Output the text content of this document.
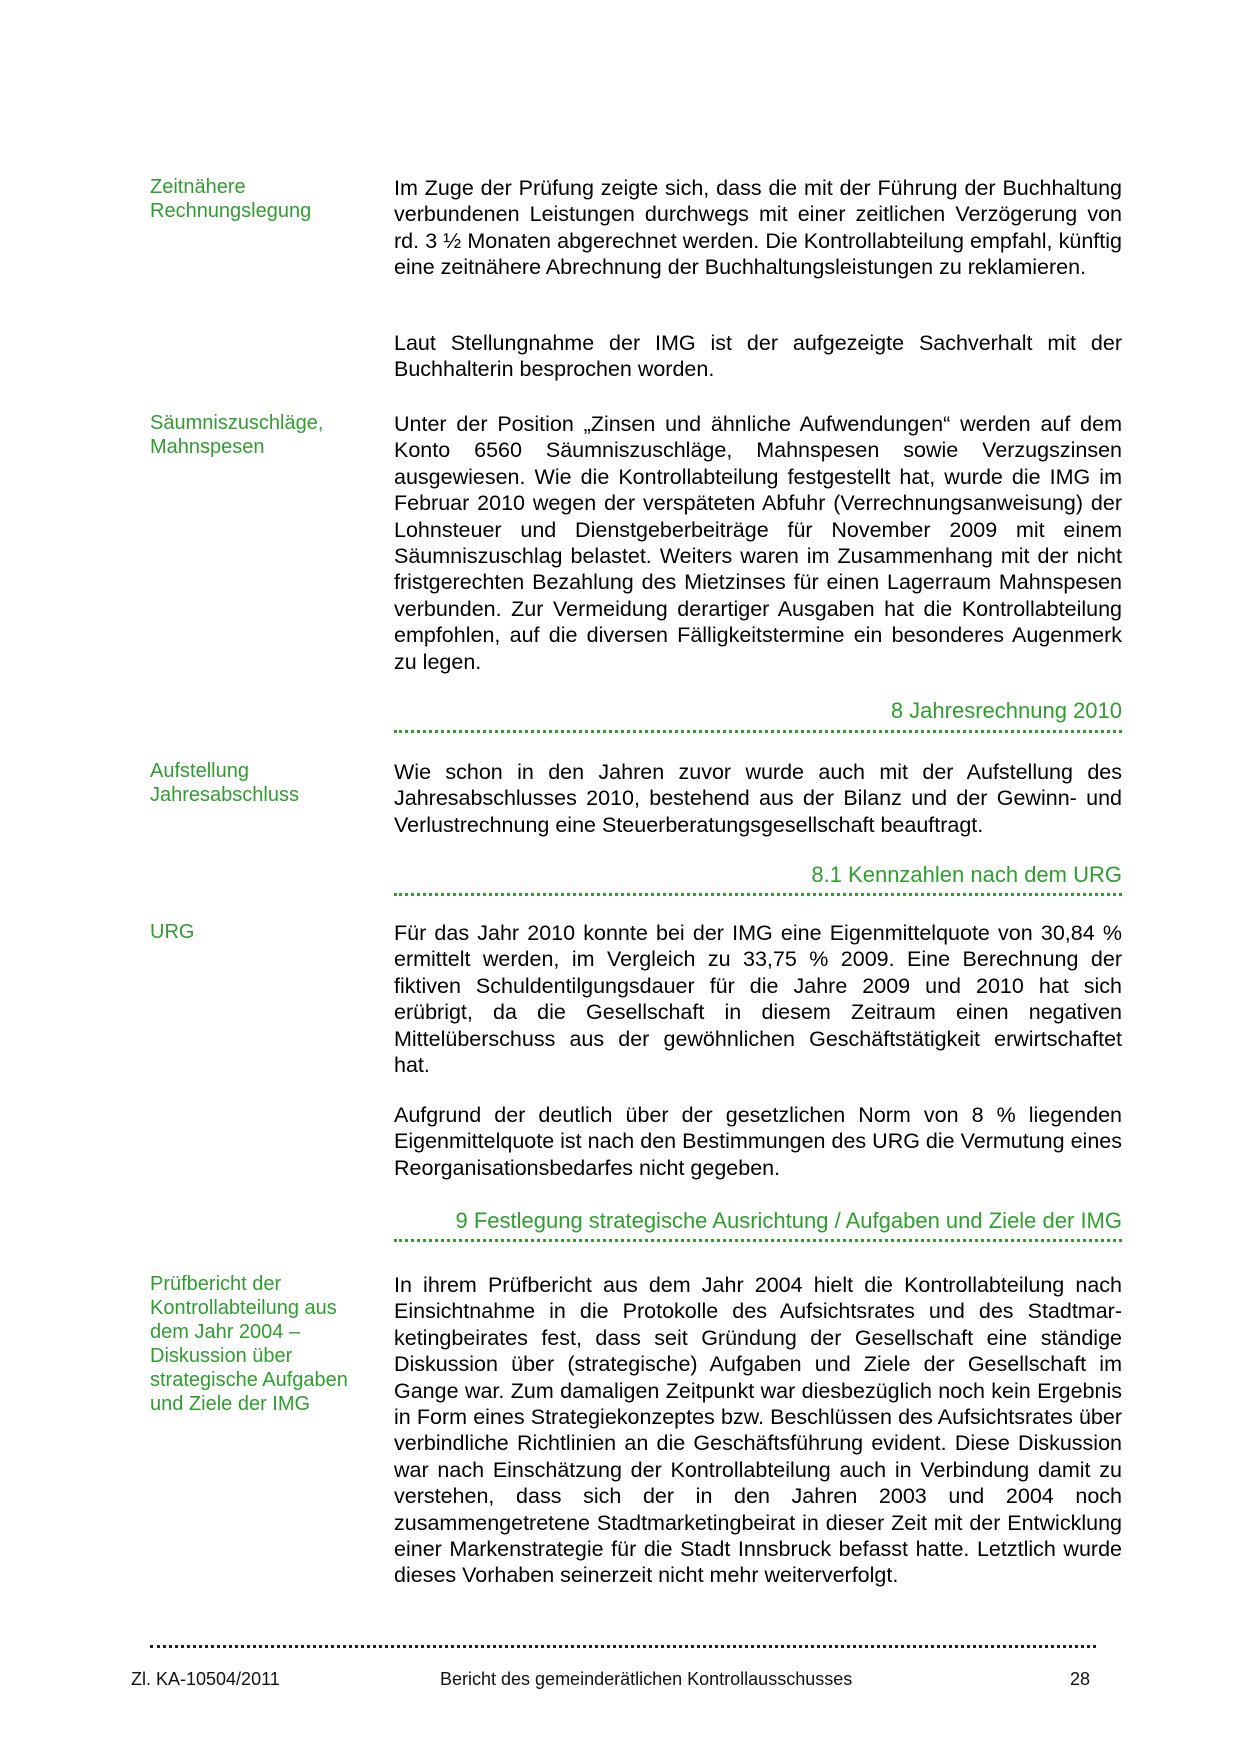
Zeitnähere Rechnungslegung
Im Zuge der Prüfung zeigte sich, dass die mit der Führung der Buchhaltung verbundenen Leistungen durchwegs mit einer zeitlichen Verzögerung von rd. 3 ½ Monaten abgerechnet werden. Die Kontrollabteilung empfahl, künftig eine zeitnähere Abrechnung der Buchhaltungsleistungen zu reklamieren.
Laut Stellungnahme der IMG ist der aufgezeigte Sachverhalt mit der Buchhalterin besprochen worden.
Säumniszuschläge, Mahnspesen
Unter der Position „Zinsen und ähnliche Aufwendungen“ werden auf dem Konto 6560 Säumniszuschläge, Mahnspesen sowie Verzugszinsen ausgewiesen. Wie die Kontrollabteilung festgestellt hat, wurde die IMG im Februar 2010 wegen der verspäteten Abfuhr (Verrechnungsanweisung) der Lohnsteuer und Dienstgeberbeiträge für November 2009 mit einem Säumniszuschlag belastet. Weiters waren im Zusammenhang mit der nicht fristgerechten Bezahlung des Mietzinses für einen Lagerraum Mahnspesen verbunden. Zur Vermeidung derartiger Ausgaben hat die Kontrollabteilung empfohlen, auf die diversen Fälligkeitstermine ein besonderes Augenmerk zu legen.
8 Jahresrechnung 2010
Aufstellung Jahresabschluss
Wie schon in den Jahren zuvor wurde auch mit der Aufstellung des Jahresabschlusses 2010, bestehend aus der Bilanz und der Gewinn- und Verlustrechnung eine Steuerberatungsgesellschaft beauftragt.
8.1 Kennzahlen nach dem URG
URG	Für das Jahr 2010 konnte bei der IMG eine Eigenmittelquote von 30,84 % ermittelt werden, im Vergleich zu 33,75 % 2009. Eine Berechnung der fiktiven Schuldentilgungsdauer für die Jahre 2009 und 2010 hat sich erübrigt, da die Gesellschaft in diesem Zeitraum einen negativen Mittelüberschuss aus der gewöhnlichen Geschäftstätigkeit erwirtschaftet hat.
Aufgrund der deutlich über der gesetzlichen Norm von 8 % liegenden Eigenmittelquote ist nach den Bestimmungen des URG die Vermutung eines Reorganisationsbedarfes nicht gegeben.
9 Festlegung strategische Ausrichtung / Aufgaben und Ziele der IMG
Prüfbericht der Kontrollabteilung aus dem Jahr 2004 – Diskussion über strategische Aufgaben und Ziele der IMG
In ihrem Prüfbericht aus dem Jahr 2004 hielt die Kontrollabteilung nach Einsichtnahme in die Protokolle des Aufsichtsrates und des Stadtmarketingbeirates fest, dass seit Gründung der Gesellschaft eine ständige Diskussion über (strategische) Aufgaben und Ziele der Gesellschaft im Gange war. Zum damaligen Zeitpunkt war diesbezüglich noch kein Ergebnis in Form eines Strategiekonzeptes bzw. Beschlüssen des Aufsichtsrates über verbindliche Richtlinien an die Geschäftsführung evident. Diese Diskussion war nach Einschätzung der Kontrollabteilung auch in Verbindung damit zu verstehen, dass sich der in den Jahren 2003 und 2004 noch zusammengetretene Stadtmarketingbeirat in dieser Zeit mit der Entwicklung einer Markenstrategie für die Stadt Innsbruck befasst hatte. Letztlich wurde dieses Vorhaben seinerzeit nicht mehr weiterverfolgt.
Zl. KA-10504/2011	Bericht des gemeinderätlichen Kontrollausschusses	28
